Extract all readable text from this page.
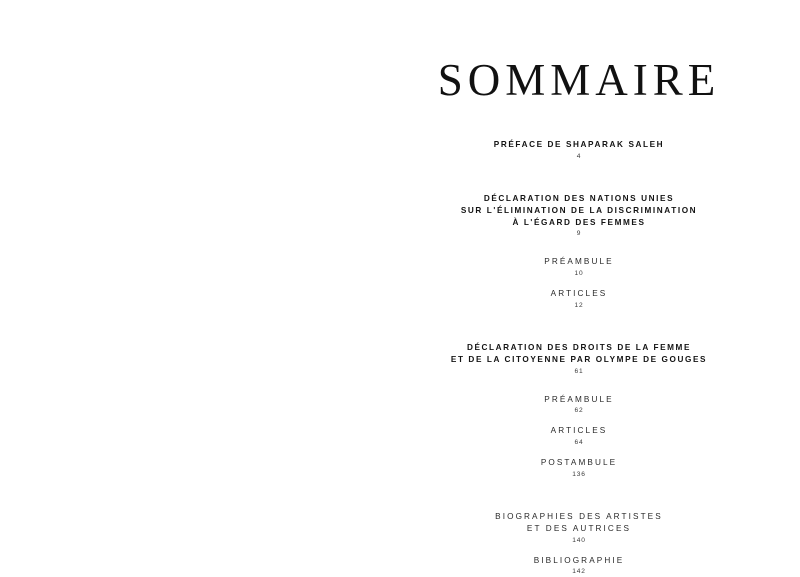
SOMMAIRE
PRÉFACE DE SHAPARAK SALEH
4
DÉCLARATION DES NATIONS UNIES
SUR L'ÉLIMINATION DE LA DISCRIMINATION
À L'ÉGARD DES FEMMES
9
PRÉAMBULE
10
ARTICLES
12
DÉCLARATION DES DROITS DE LA FEMME
ET DE LA CITOYENNE PAR OLYMPE DE GOUGES
61
PRÉAMBULE
62
ARTICLES
64
POSTAMBULE
136
BIOGRAPHIES DES ARTISTES
ET DES AUTRICES
140
BIBLIOGRAPHIE
142
